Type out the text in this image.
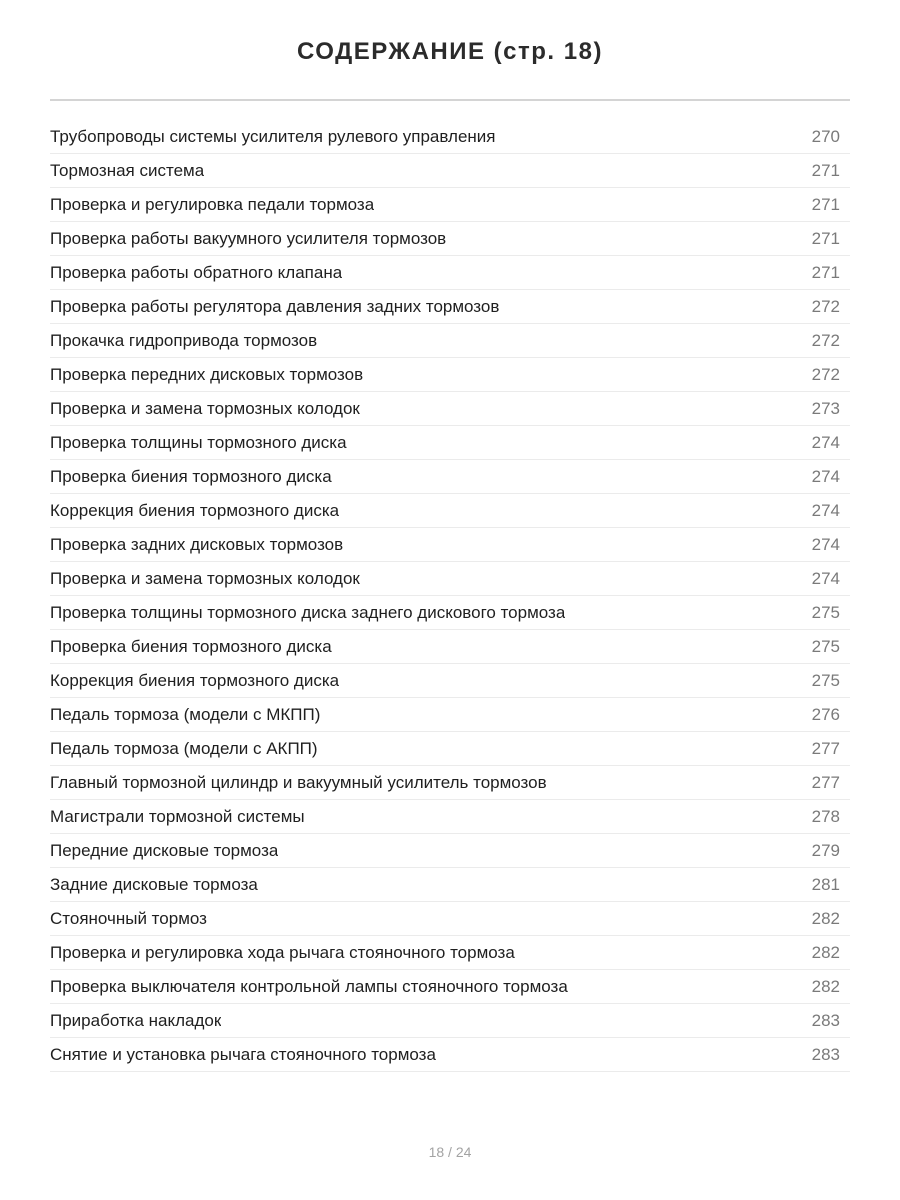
СОДЕРЖАНИЕ (стр. 18)
Трубопроводы системы усилителя рулевого управления	270
Тормозная система	271
Проверка и регулировка педали тормоза	271
Проверка работы вакуумного усилителя тормозов	271
Проверка работы обратного клапана	271
Проверка работы регулятора давления задних тормозов	272
Прокачка гидропривода тормозов	272
Проверка передних дисковых тормозов	272
Проверка и замена тормозных колодок	273
Проверка толщины тормозного диска	274
Проверка биения тормозного диска	274
Коррекция биения тормозного диска	274
Проверка задних дисковых тормозов	274
Проверка и замена тормозных колодок	274
Проверка толщины тормозного диска заднего дискового тормоза	275
Проверка биения тормозного диска	275
Коррекция биения тормозного диска	275
Педаль тормоза (модели с МКПП)	276
Педаль тормоза (модели с АКПП)	277
Главный тормозной цилиндр и вакуумный усилитель тормозов	277
Магистрали тормозной системы	278
Передние дисковые тормоза	279
Задние дисковые тормоза	281
Стояночный тормоз	282
Проверка и регулировка хода рычага стояночного тормоза	282
Проверка выключателя контрольной лампы стояночного тормоза	282
Приработка накладок	283
Снятие и установка рычага стояночного тормоза	283
18 / 24
